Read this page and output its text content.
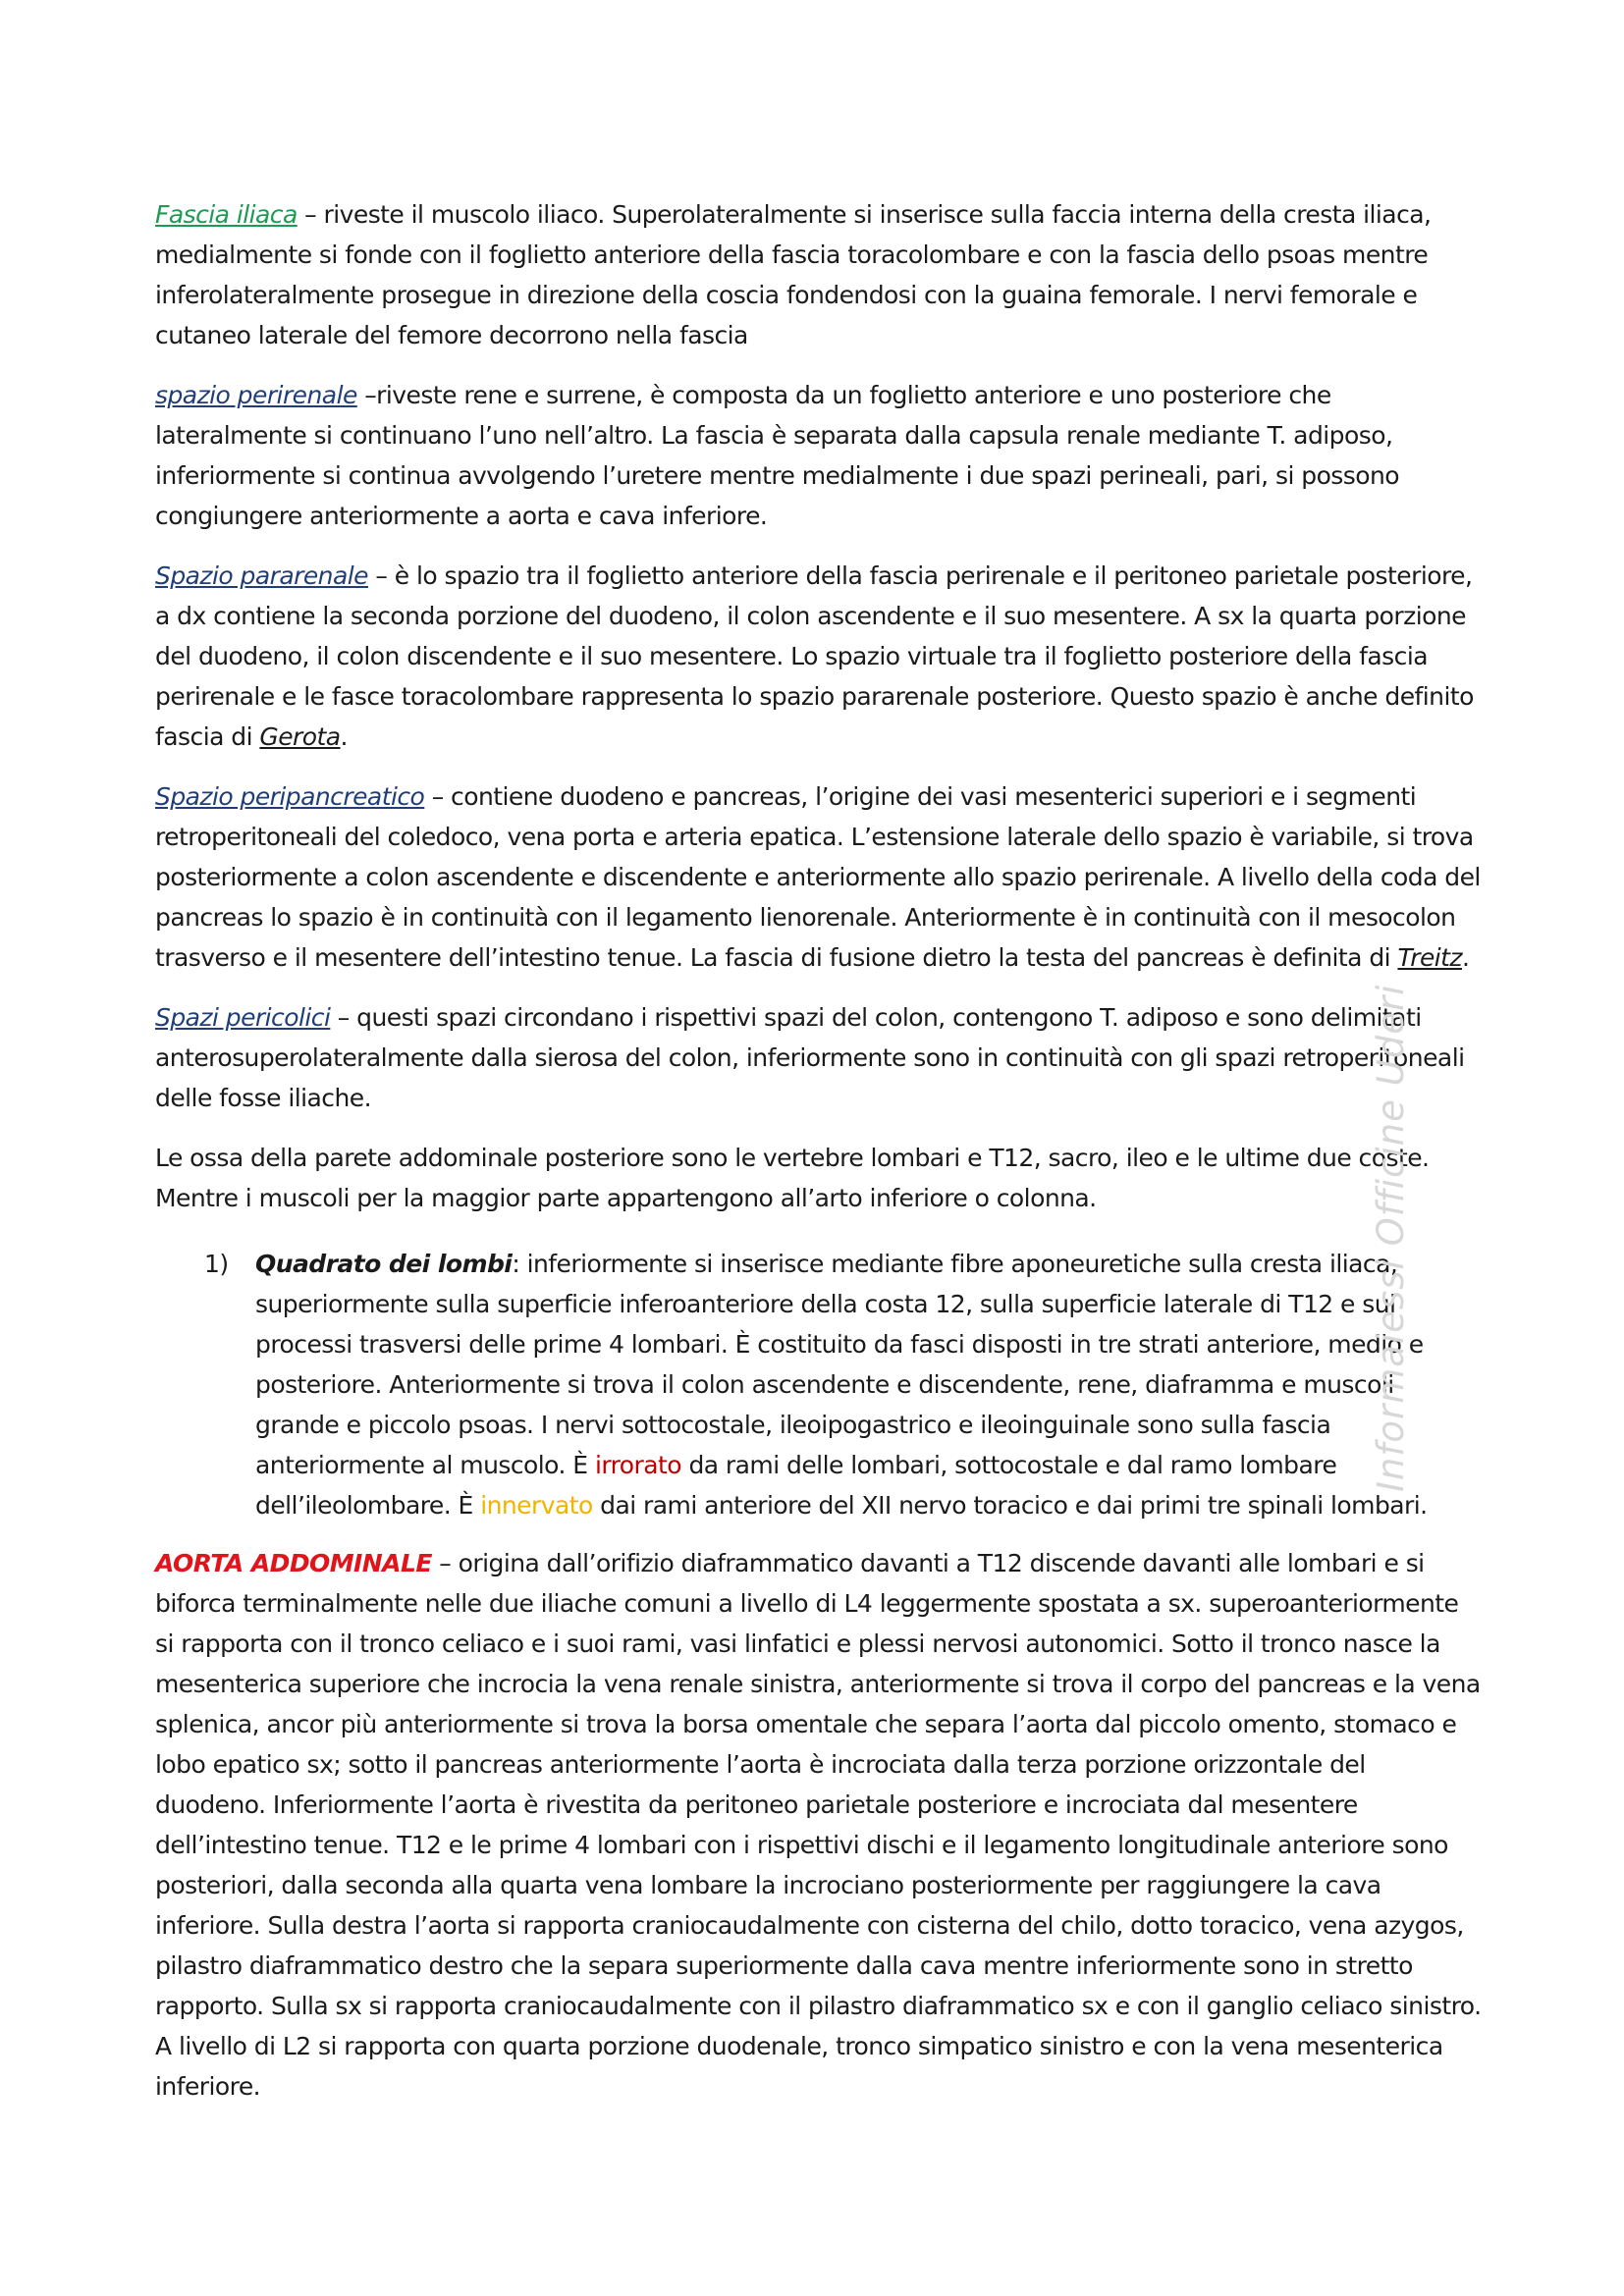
Fascia iliaca – riveste il muscolo iliaco. Superolateralmente si inserisce sulla faccia interna della cresta iliaca, medialmente si fonde con il foglietto anteriore della fascia toracolombare e con la fascia dello psoas mentre inferolateralmente prosegue in direzione della coscia fondendosi con la guaina femorale. I nervi femorale e cutaneo laterale del femore decorrono nella fascia

spazio perirenale –riveste rene e surrene, è composta da un foglietto anteriore e uno posteriore che lateralmente si continuano l’uno nell’altro. La fascia è separata dalla capsula renale mediante T. adiposo, inferiormente si continua avvolgendo l’uretere mentre medialmente i due spazi perineali, pari, si possono congiungere anteriormente a aorta e cava inferiore.

Spazio pararenale – è lo spazio tra il foglietto anteriore della fascia perirenale e il peritoneo parietale posteriore, a dx contiene la seconda porzione del duodeno, il colon ascendente e il suo mesentere. A sx la quarta porzione del duodeno, il colon discendente e il suo mesentere. Lo spazio virtuale tra il foglietto posteriore della fascia perirenale e le fasce toracolombare rappresenta lo spazio pararenale posteriore. Questo spazio è anche definito fascia di Gerota.

Spazio peripancreatico – contiene duodeno e pancreas, l’origine dei vasi mesenterici superiori e i segmenti retroperitoneali del coledoco, vena porta e arteria epatica. L’estensione laterale dello spazio è variabile, si trova posteriormente a colon ascendente e discendente e anteriormente allo spazio perirenale. A livello della coda del pancreas lo spazio è in continuità con il legamento lienorenale. Anteriormente è in continuità con il mesocolon trasverso e il mesentere dell’intestino tenue. La fascia di fusione dietro la testa del pancreas è definita di Treitz.

Spazi pericolici – questi spazi circondano i rispettivi spazi del colon, contengono T. adiposo e sono delimitati anterosuperolateralmente dalla sierosa del colon, inferiormente sono in continuità con gli spazi retroperitoneali delle fosse iliache.

Le ossa della parete addominale posteriore sono le vertebre lombari e T12, sacro, ileo e le ultime due coste. Mentre i muscoli per la maggior parte appartengono all’arto inferiore o colonna.

1)	Quadrato dei lombi: inferiormente si inserisce mediante fibre aponeuretiche sulla cresta iliaca, superiormente sulla superficie inferoanteriore della costa 12, sulla superficie laterale di T12 e sui processi trasversi delle prime 4 lombari. È costituito da fasci disposti in tre strati anteriore, medio e posteriore. Anteriormente si trova il colon ascendente e discendente, rene, diaframma e muscoli grande e piccolo psoas. I nervi sottocostale, ileoipogastrico e ileoinguinale sono sulla fascia anteriormente al muscolo. È irrorato da rami delle lombari, sottocostale e dal ramo lombare dell’ileolombare. È innervato dai rami anteriore del XII nervo toracico e dai primi tre spinali lombari.

AORTA ADDOMINALE – origina dall’orifizio diaframmatico davanti a T12 discende davanti alle lombari e si biforca terminalmente nelle due iliache comuni a livello di L4 leggermente spostata a sx. superoanteriormente si rapporta con il tronco celiaco e i suoi rami, vasi linfatici e plessi nervosi autonomici. Sotto il tronco nasce la mesenterica superiore che incrocia la vena renale sinistra, anteriormente si trova il corpo del pancreas e la vena splenica, ancor più anteriormente si trova la borsa omentale che separa l’aorta dal piccolo omento, stomaco e lobo epatico sx; sotto il pancreas anteriormente l’aorta è incrociata dalla terza porzione orizzontale del duodeno. Inferiormente l’aorta è rivestita da peritoneo parietale posteriore e incrociata dal mesentere dell’intestino tenue. T12 e le prime 4 lombari con i rispettivi dischi e il legamento longitudinale anteriore sono posteriori, dalla seconda alla quarta vena lombare la incrociano posteriormente per raggiungere la cava inferiore. Sulla destra l’aorta si rapporta craniocaudalmente con cisterna del chilo, dotto toracico, vena azygos, pilastro diaframmatico destro che la separa superiormente dalla cava mentre inferiormente sono in stretto rapporto. Sulla sx si rapporta craniocaudalmente con il pilastro diaframmatico sx e con il ganglio celiaco sinistro. A livello di L2 si rapporta con quarta porzione duodenale, tronco simpatico sinistro e con la vena mesenterica inferiore.

Informaiessi Officine Uderi
